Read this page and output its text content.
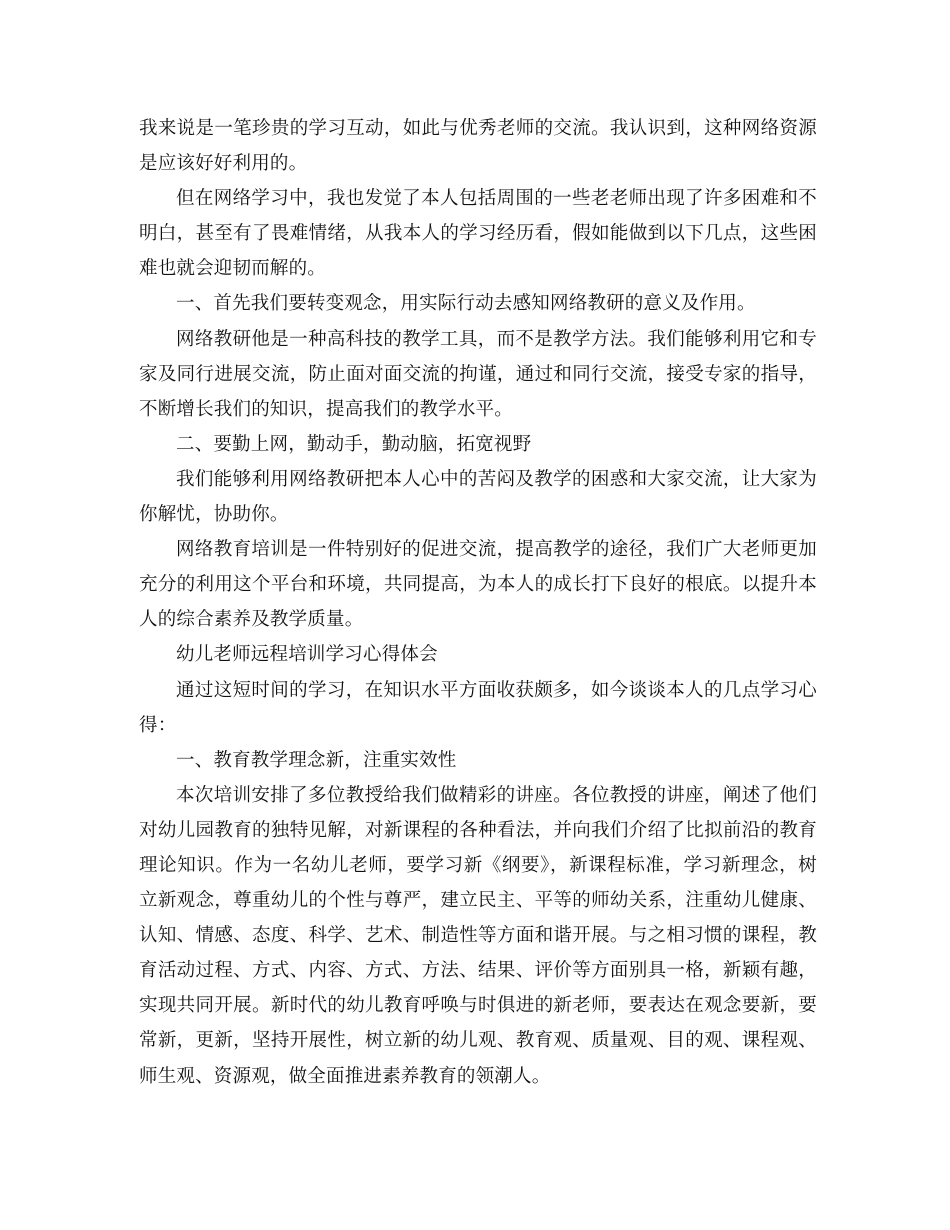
我来说是一笔珍贵的学习互动，如此与优秀老师的交流。我认识到，这种网络资源是应该好好利用的。

但在网络学习中，我也发觉了本人包括周围的一些老老师出现了许多困难和不明白，甚至有了畏难情绪，从我本人的学习经历看，假如能做到以下几点，这些困难也就会迎韧而解的。

一、首先我们要转变观念，用实际行动去感知网络教研的意义及作用。

网络教研他是一种高科技的教学工具，而不是教学方法。我们能够利用它和专家及同行进展交流，防止面对面交流的拘谨，通过和同行交流，接受专家的指导，不断增长我们的知识，提高我们的教学水平。

二、要勤上网，勤动手，勤动脑，拓宽视野

我们能够利用网络教研把本人心中的苦闷及教学的困惑和大家交流，让大家为你解忧，协助你。

网络教育培训是一件特别好的促进交流，提高教学的途径，我们广大老师更加充分的利用这个平台和环境，共同提高，为本人的成长打下良好的根底。以提升本人的综合素养及教学质量。

幼儿老师远程培训学习心得体会

通过这短时间的学习，在知识水平方面收获颇多，如今谈谈本人的几点学习心得：

一、教育教学理念新，注重实效性

本次培训安排了多位教授给我们做精彩的讲座。各位教授的讲座，阐述了他们对幼儿园教育的独特见解，对新课程的各种看法，并向我们介绍了比拟前沿的教育理论知识。作为一名幼儿老师，要学习新《纲要》，新课程标准，学习新理念，树立新观念，尊重幼儿的个性与尊严，建立民主、平等的师幼关系，注重幼儿健康、认知、情感、态度、科学、艺术、制造性等方面和谐开展。与之相习惯的课程，教育活动过程、方式、内容、方式、方法、结果、评价等方面别具一格，新颖有趣，实现共同开展。新时代的幼儿教育呼唤与时俱进的新老师，要表达在观念要新，要常新，更新，坚持开展性，树立新的幼儿观、教育观、质量观、目的观、课程观、师生观、资源观，做全面推进素养教育的领潮人。
